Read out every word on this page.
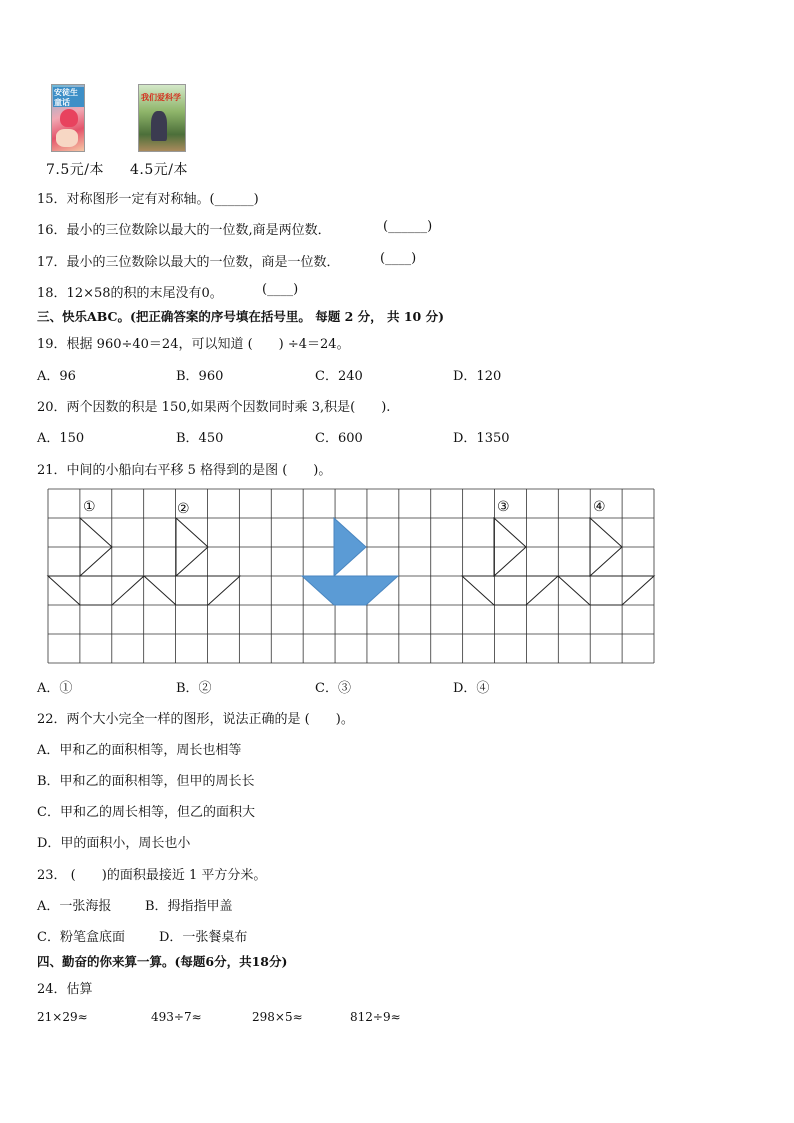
安徒生童话	我们爱科学
7.5元/本 4.5元/本
15．对称图形一定有对称轴。(______)
16．最小的三位数除以最大的一位数,商是两位数．	(______)
17．最小的三位数除以最大的一位数，商是一位数．	(____)
18．12×58的积的末尾没有0。	(____)
三、快乐ABC。(把正确答案的序号填在括号里。 每题 2 分， 共 10 分)
19．根据 960÷40＝24，可以知道 (　　) ÷4＝24。
A．96	B．960	C．240	D．120
20．两个因数的积是 150,如果两个因数同时乘 3,积是(　　).
A．150	B．450	C．600	D．1350
21．中间的小船向右平移 5 格得到的是图 (　　)。
①	②	③	④
A．①	B．②	C．③	D．④
22．两个大小完全一样的图形，说法正确的是 (　　)。
A．甲和乙的面积相等，周长也相等
B．甲和乙的面积相等，但甲的周长长
C．甲和乙的周长相等，但乙的面积大
D．甲的面积小，周长也小
23． (　　)的面积最接近 1 平方分米。
A．一张海报	B．拇指指甲盖
C．粉笔盒底面	D．一张餐桌布
四、勤奋的你来算一算。(每题6分，共18分)
24．估算
21×29≈	493÷7≈	298×5≈	812÷9≈
